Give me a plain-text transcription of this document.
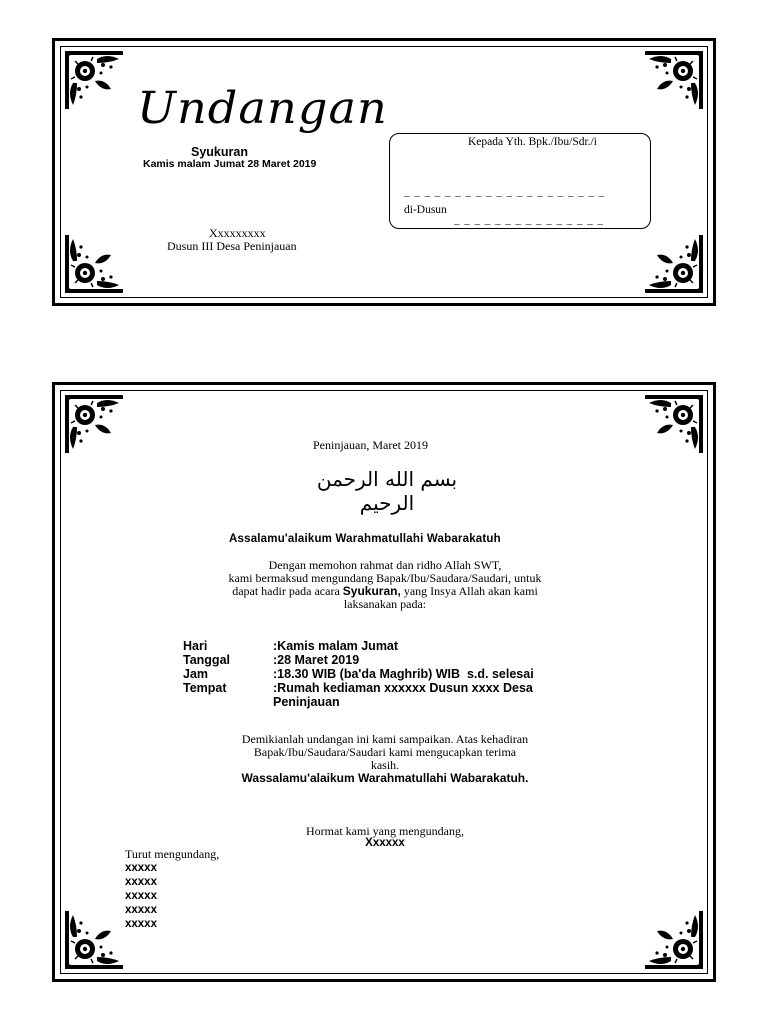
Undangan
Syukuran
Kamis malam Jumat 28 Maret 2019
Xxxxxxxxx
Dusun III Desa Peninjauan
Kepada Yth. Bpk./Ibu/Sdr./i
_ _ _ _ _ _ _ _ _ _ _ _ _ _ _ _ _ _ _ _
di-Dusun
_ _ _ _ _ _ _ _ _ _ _ _ _ _ _
Peninjauan, Maret 2019
بسم الله الرحمن الرحيم
Assalamu'alaikum Warahmatullahi Wabarakatuh
Dengan memohon rahmat dan ridho Allah SWT,
kami bermaksud mengundang Bapak/Ibu/Saudara/Saudari, untuk
dapat hadir pada acara Syukuran, yang Insya Allah akan kami
laksanakan pada:
Hari	:Kamis malam Jumat
Tanggal	:28 Maret 2019
Jam	:18.30 WIB (ba'da Maghrib) WIB  s.d. selesai
Tempat	:Rumah kediaman xxxxxx Dusun xxxx Desa
	Peninjauan
Demikianlah undangan ini kami sampaikan. Atas kehadiran
Bapak/Ibu/Saudara/Saudari kami mengucapkan terima
kasih.
Wassalamu'alaikum Warahmatullahi Wabarakatuh.
Hormat kami yang mengundang,
Xxxxxx
Turut mengundang,
xxxxx
xxxxx
xxxxx
xxxxx
xxxxx
